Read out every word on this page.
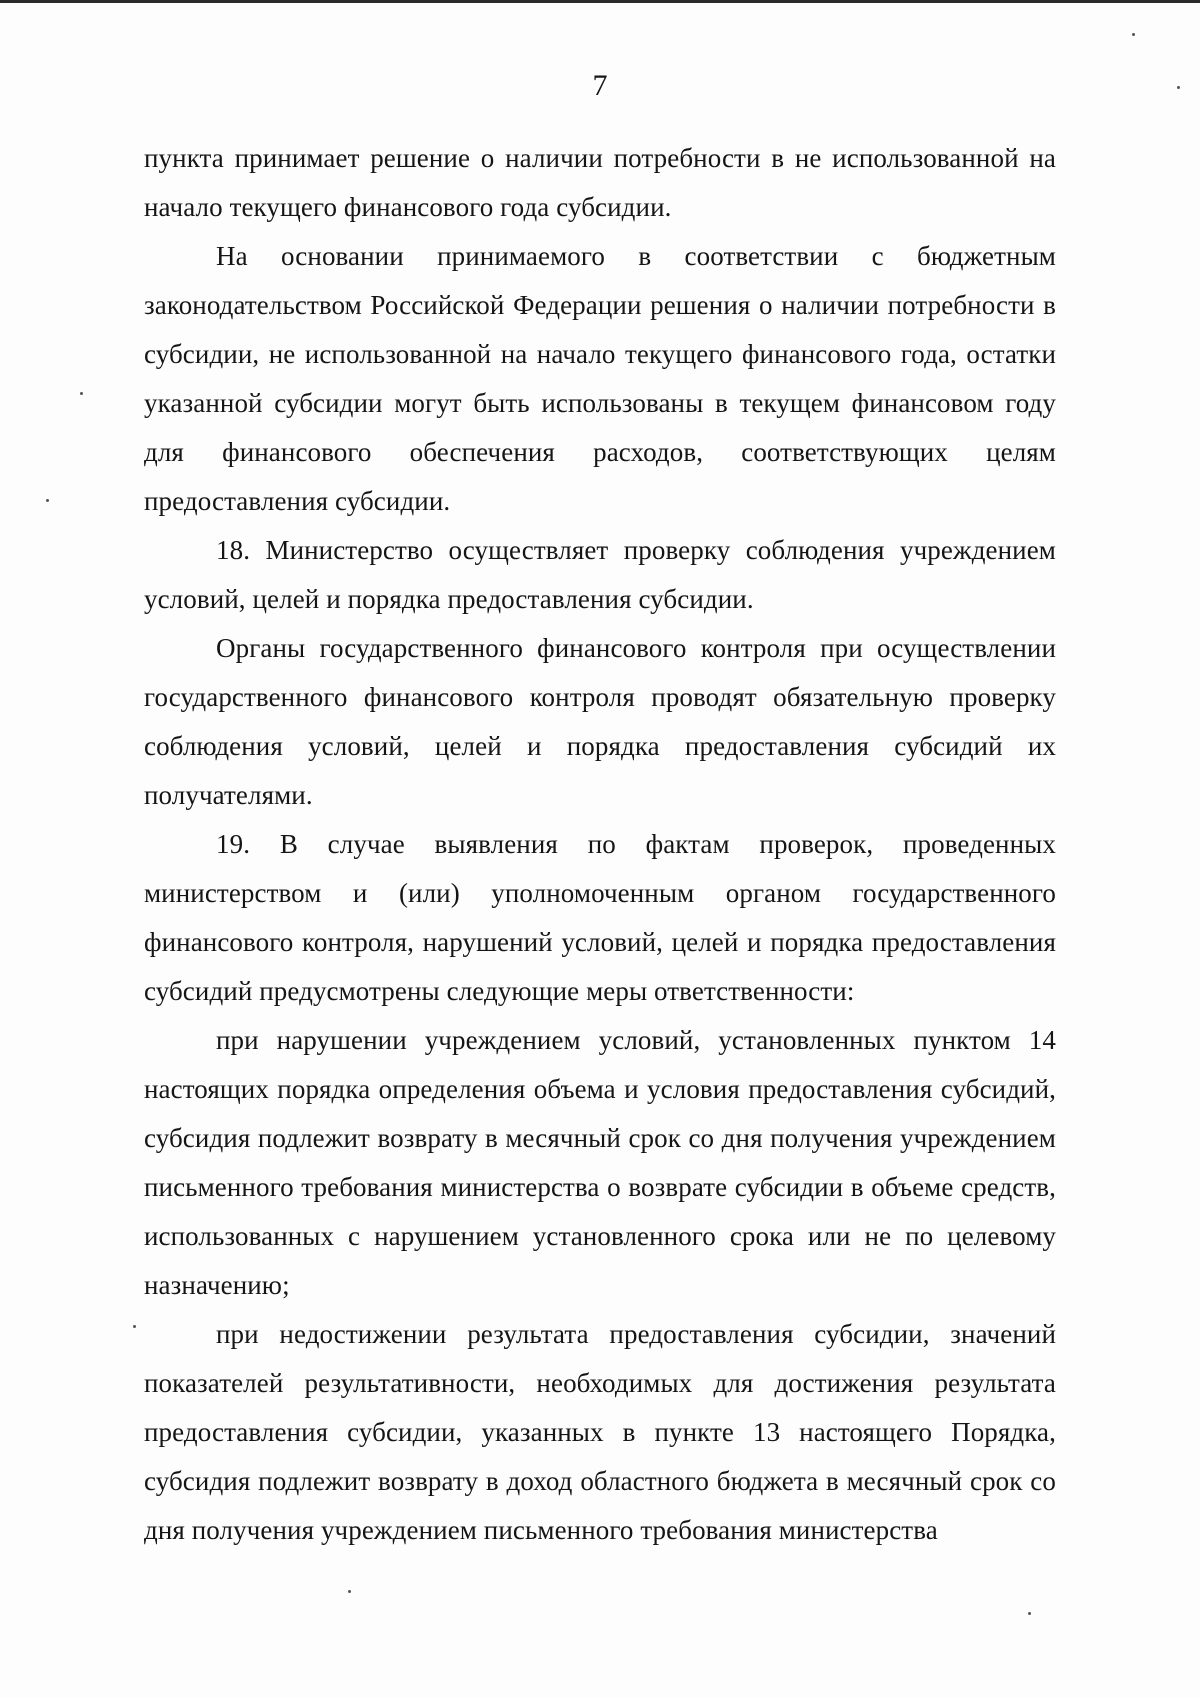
7

пункта принимает решение о наличии потребности в не использованной на начало текущего финансового года субсидии.

На основании принимаемого в соответствии с бюджетным законодательством Российской Федерации решения о наличии потребности в субсидии, не использованной на начало текущего финансового года, остатки указанной субсидии могут быть использованы в текущем финансовом году для финансового обеспечения расходов, соответствующих целям предоставления субсидии.

18. Министерство осуществляет проверку соблюдения учреждением условий, целей и порядка предоставления субсидии.

Органы государственного финансового контроля при осуществлении государственного финансового контроля проводят обязательную проверку соблюдения условий, целей и порядка предоставления субсидий их получателями.

19. В случае выявления по фактам проверок, проведенных министерством и (или) уполномоченным органом государственного финансового контроля, нарушений условий, целей и порядка предоставления субсидий предусмотрены следующие меры ответственности:

при нарушении учреждением условий, установленных пунктом 14 настоящих порядка определения объема и условия предоставления субсидий, субсидия подлежит возврату в месячный срок со дня получения учреждением письменного требования министерства о возврате субсидии в объеме средств, использованных с нарушением установленного срока или не по целевому назначению;

при недостижении результата предоставления субсидии, значений показателей результативности, необходимых для достижения результата предоставления субсидии, указанных в пункте 13 настоящего Порядка, субсидия подлежит возврату в доход областного бюджета в месячный срок со дня получения учреждением письменного требования министерства
